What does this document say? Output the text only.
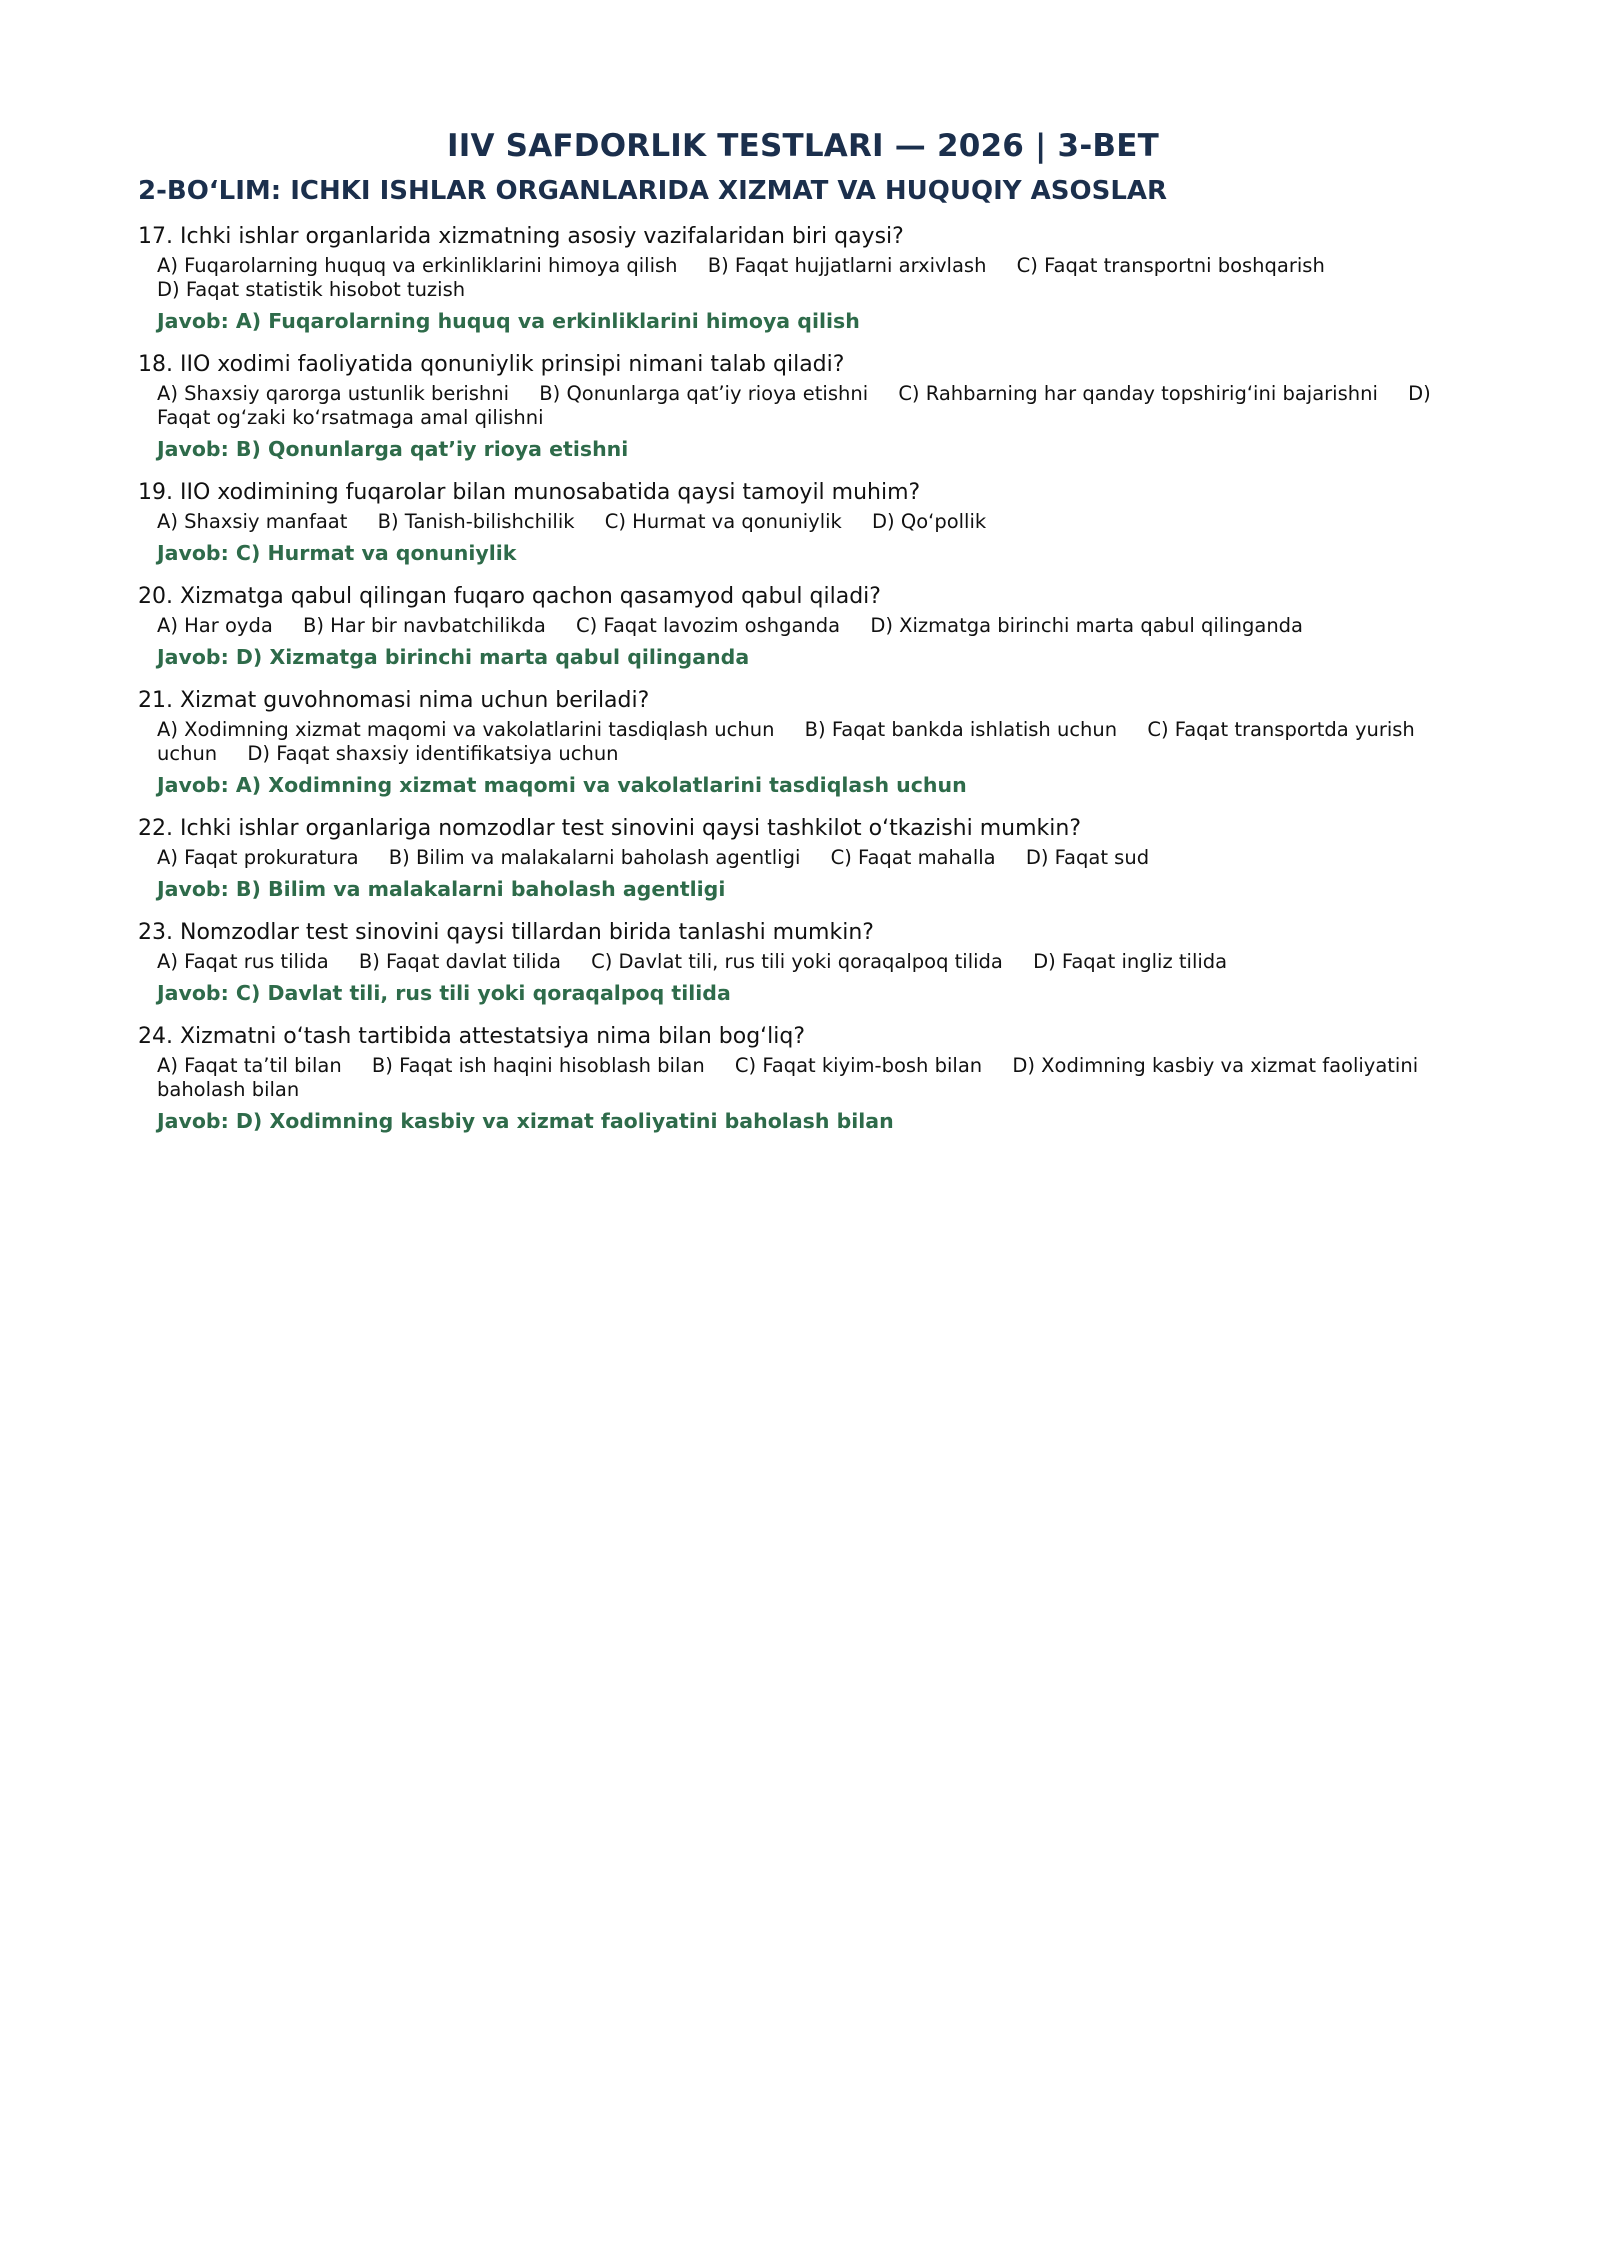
IIV SAFDORLIK TESTLARI — 2026 | 3-BET
2-BO‘LIM: ICHKI ISHLAR ORGANLARIDA XIZMAT VA HUQUQIY ASOSLAR

17. Ichki ishlar organlarida xizmatning asosiy vazifalaridan biri qaysi?

A) Fuqarolarning huquq va erkinliklarini himoya qilish B) Faqat hujjatlarni arxivlash C) Faqat transportni boshqarish
D) Faqat statistik hisobot tuzish
Javob: A) Fuqarolarning huquq va erkinliklarini himoya qilish

18. IIO xodimi faoliyatida qonuniylik prinsipi nimani talab qiladi?

A) Shaxsiy qarorga ustunlik berishni B) Qonunlarga qat’iy rioya etishni C) Rahbarning har qanday topshirig‘ini bajarishni D) Faqat og‘zaki ko‘rsatmaga amal qilishni
Javob: B) Qonunlarga qat’iy rioya etishni

19. IIO xodimining fuqarolar bilan munosabatida qaysi tamoyil muhim?

A) Shaxsiy manfaat B) Tanish-bilishchilik C) Hurmat va qonuniylik D) Qo‘pollik
Javob: C) Hurmat va qonuniylik

20. Xizmatga qabul qilingan fuqaro qachon qasamyod qabul qiladi?

A) Har oyda B) Har bir navbatchilikda C) Faqat lavozim oshganda D) Xizmatga birinchi marta qabul qilinganda
Javob: D) Xizmatga birinchi marta qabul qilinganda

21. Xizmat guvohnomasi nima uchun beriladi?

A) Xodimning xizmat maqomi va vakolatlarini tasdiqlash uchun B) Faqat bankda ishlatish uchun C) Faqat transportda yurish uchun D) Faqat shaxsiy identifikatsiya uchun
Javob: A) Xodimning xizmat maqomi va vakolatlarini tasdiqlash uchun

22. Ichki ishlar organlariga nomzodlar test sinovini qaysi tashkilot o‘tkazishi mumkin?

A) Faqat prokuratura B) Bilim va malakalarni baholash agentligi C) Faqat mahalla D) Faqat sud
Javob: B) Bilim va malakalarni baholash agentligi

23. Nomzodlar test sinovini qaysi tillardan birida tanlashi mumkin?

A) Faqat rus tilida B) Faqat davlat tilida C) Davlat tili, rus tili yoki qoraqalpoq tilida D) Faqat ingliz tilida
Javob: C) Davlat tili, rus tili yoki qoraqalpoq tilida

24. Xizmatni o‘tash tartibida attestatsiya nima bilan bog‘liq?

A) Faqat ta’til bilan B) Faqat ish haqini hisoblash bilan C) Faqat kiyim-bosh bilan D) Xodimning kasbiy va xizmat faoliyatini baholash bilan
Javob: D) Xodimning kasbiy va xizmat faoliyatini baholash bilan
